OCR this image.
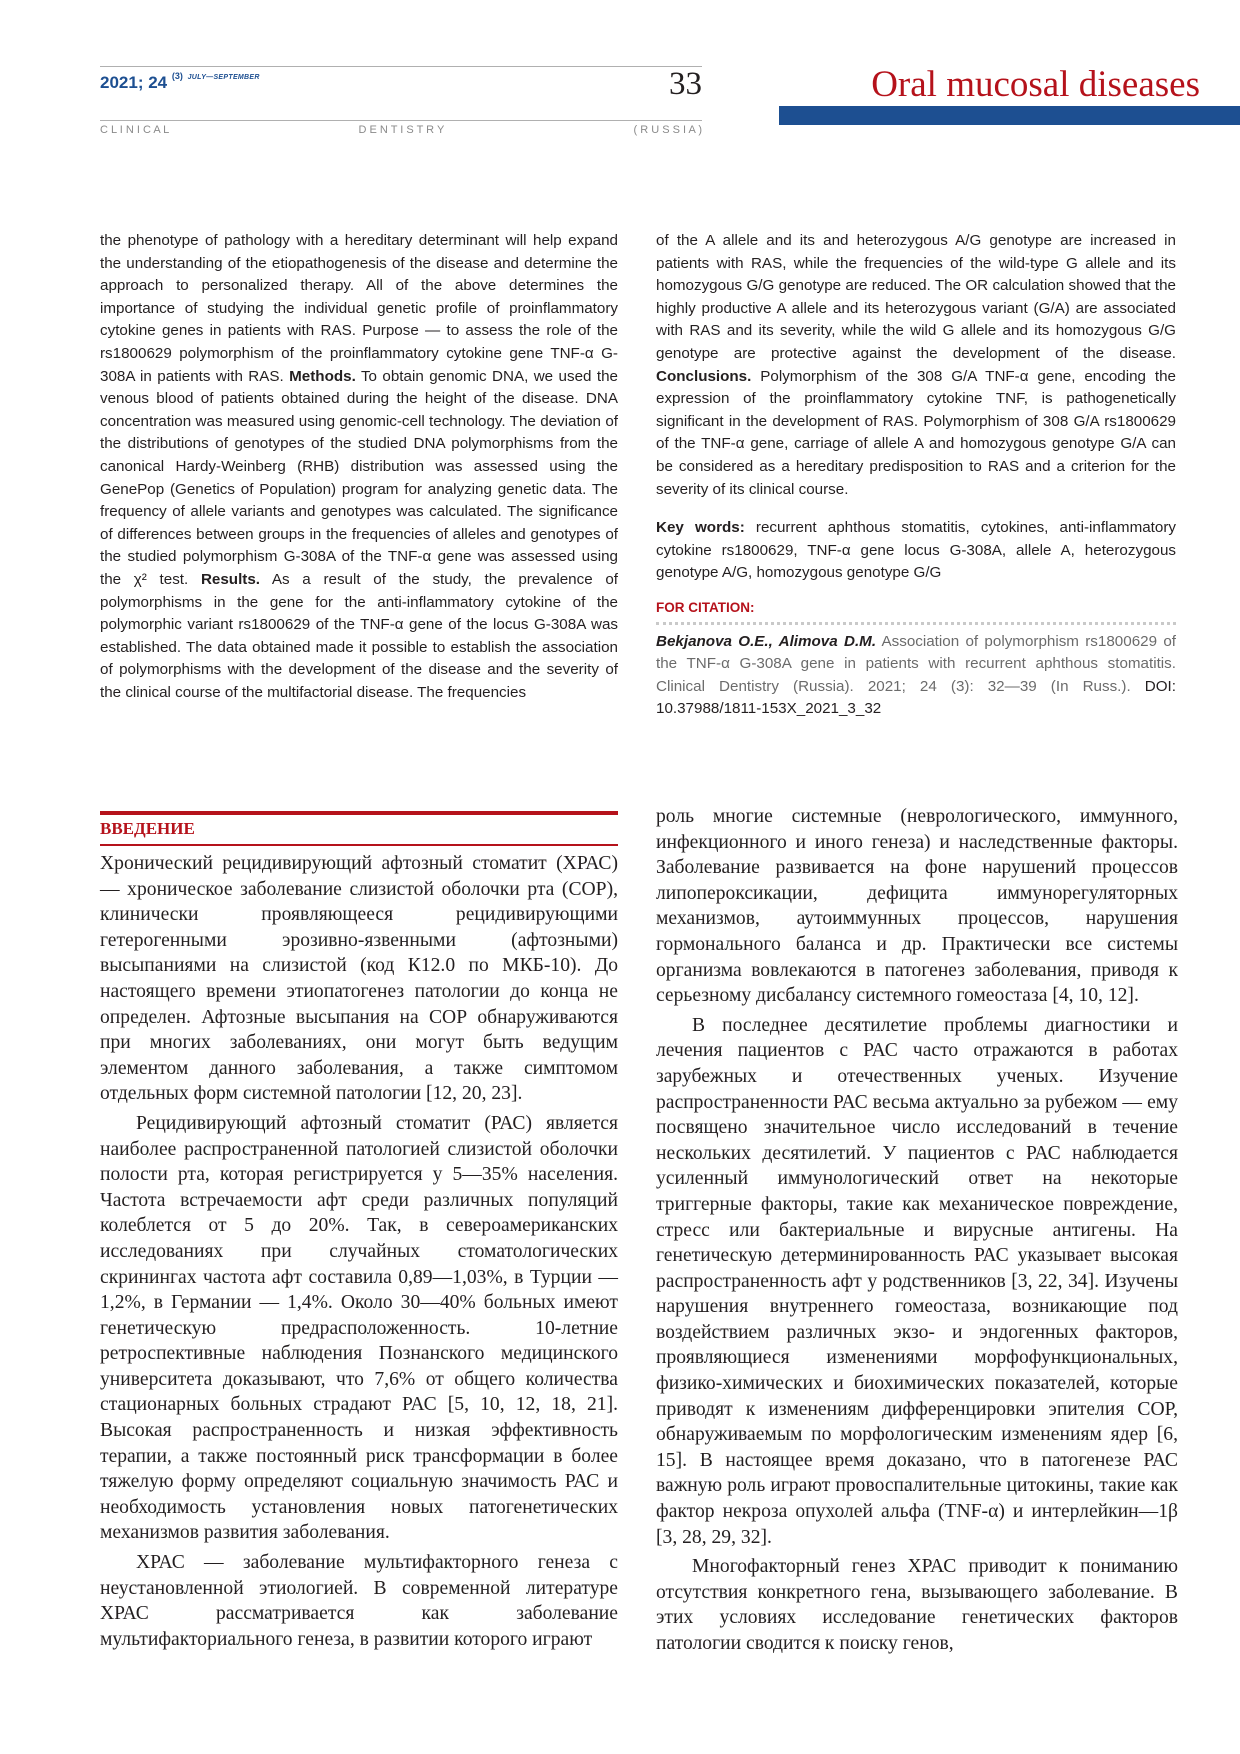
2021; 24 $^{(3)}$ $^{JULY—SEPTEMBER}$	33
C L I N I C A L	D E N T I S T R Y	( R U S S I A )
Oral mucosal diseases

the phenotype of pathology with a hereditary determinant will help expand the understanding of the etiopathogenesis of the disease and determine the approach to personalized therapy. All of the above determines the importance of studying the individual genetic profile of proinflammatory cytokine genes in patients with RAS. Purpose — to assess the role of the rs1800629 polymorphism of the proinflammatory cytokine gene TNF-α G-308A in patients with RAS. Methods. To obtain genomic DNA, we used the venous blood of patients obtained during the height of the disease. DNA concentration was measured using genomic-cell technology. The deviation of the distributions of genotypes of the studied DNA polymorphisms from the canonical Hardy-Weinberg (RHB) distribution was assessed using the GenePop (Genetics of Population) program for analyzing genetic data. The frequency of allele variants and genotypes was calculated. The significance of differences between groups in the frequencies of alleles and genotypes of the studied polymorphism G-308A of the TNF-α gene was assessed using the χ² test. Results. As a result of the study, the prevalence of polymorphisms in the gene for the anti-inflammatory cytokine of the polymorphic variant rs1800629 of the TNF-α gene of the locus G-308A was established. The data obtained made it possible to establish the association of polymorphisms with the development of the disease and the severity of the clinical course of the multifactorial disease. The frequencies

of the A allele and its and heterozygous A/G genotype are increased in patients with RAS, while the frequencies of the wild-type G allele and its homozygous G/G genotype are reduced. The OR calculation showed that the highly productive A allele and its heterozygous variant (G/A) are associated with RAS and its severity, while the wild G allele and its homozygous G/G genotype are protective against the development of the disease. Conclusions. Polymorphism of the 308 G/A TNF-α gene, encoding the expression of the proinflammatory cytokine TNF, is pathogenetically significant in the development of RAS. Polymorphism of 308 G/A rs1800629 of the TNF-α gene, carriage of allele A and homozygous genotype G/A can be considered as a hereditary predisposition to RAS and a criterion for the severity of its clinical course.

Key words: recurrent aphthous stomatitis, cytokines, anti-inflammatory cytokine rs1800629, TNF-α gene locus G-308A, allele A, heterozygous genotype A/G, homozygous genotype G/G

FOR CITATION:

Bekjanova O.E., Alimova D.M. Association of polymorphism rs1800629 of the TNF-α G-308A gene in patients with recurrent aphthous stomatitis. Clinical Dentistry (Russia). 2021; 24 (3): 32—39 (In Russ.). DOI: 10.37988/1811-153X_2021_3_32

ВВЕДЕНИЕ

Хронический рецидивирующий афтозный стоматит (ХРАС) — хроническое заболевание слизистой оболочки рта (СОР), клинически проявляющееся рецидивирующими гетерогенными эрозивно-язвенными (афтозными) высыпаниями на слизистой (код К12.0 по МКБ-10). До настоящего времени этиопатогенез патологии до конца не определен. Афтозные высыпания на СОР обнаруживаются при многих заболеваниях, они могут быть ведущим элементом данного заболевания, а также симптомом отдельных форм системной патологии [12, 20, 23].

Рецидивирующий афтозный стоматит (РАС) является наиболее распространенной патологией слизистой оболочки полости рта, которая регистрируется у 5—35% населения. Частота встречаемости афт среди различных популяций колеблется от 5 до 20%. Так, в североамериканских исследованиях при случайных стоматологических скринингах частота афт составила 0,89—1,03%, в Турции — 1,2%, в Германии — 1,4%. Около 30—40% больных имеют генетическую предрасположенность. 10-летние ретроспективные наблюдения Познанского медицинского университета доказывают, что 7,6% от общего количества стационарных больных страдают РАС [5, 10, 12, 18, 21]. Высокая распространенность и низкая эффективность терапии, а также постоянный риск трансформации в более тяжелую форму определяют социальную значимость РАС и необходимость установления новых патогенетических механизмов развития заболевания.

ХРАС — заболевание мультифакторного генеза с неустановленной этиологией. В современной литературе ХРАС рассматривается как заболевание мультифакториального генеза, в развитии которого играют

роль многие системные (неврологического, иммунного, инфекционного и иного генеза) и наследственные факторы. Заболевание развивается на фоне нарушений процессов липопероксикации, дефицита иммунорегуляторных механизмов, аутоиммунных процессов, нарушения гормонального баланса и др. Практически все системы организма вовлекаются в патогенез заболевания, приводя к серьезному дисбалансу системного гомеостаза [4, 10, 12].

В последнее десятилетие проблемы диагностики и лечения пациентов с РАС часто отражаются в работах зарубежных и отечественных ученых. Изучение распространенности РАС весьма актуально за рубежом — ему посвящено значительное число исследований в течение нескольких десятилетий. У пациентов с РАС наблюдается усиленный иммунологический ответ на некоторые триггерные факторы, такие как механическое повреждение, стресс или бактериальные и вирусные антигены. На генетическую детерминированность РАС указывает высокая распространенность афт у родственников [3, 22, 34]. Изучены нарушения внутреннего гомеостаза, возникающие под воздействием различных экзо- и эндогенных факторов, проявляющиеся изменениями морфофункциональных, физико-химических и биохимических показателей, которые приводят к изменениям дифференцировки эпителия СОР, обнаруживаемым по морфологическим изменениям ядер [6, 15]. В настоящее время доказано, что в патогенезе РАС важную роль играют провоспалительные цитокины, такие как фактор некроза опухолей альфа (TNF-α) и интерлейкин—1β [3, 28, 29, 32].

Многофакторный генез ХРАС приводит к пониманию отсутствия конкретного гена, вызывающего заболевание. В этих условиях исследование генетических факторов патологии сводится к поиску генов,
